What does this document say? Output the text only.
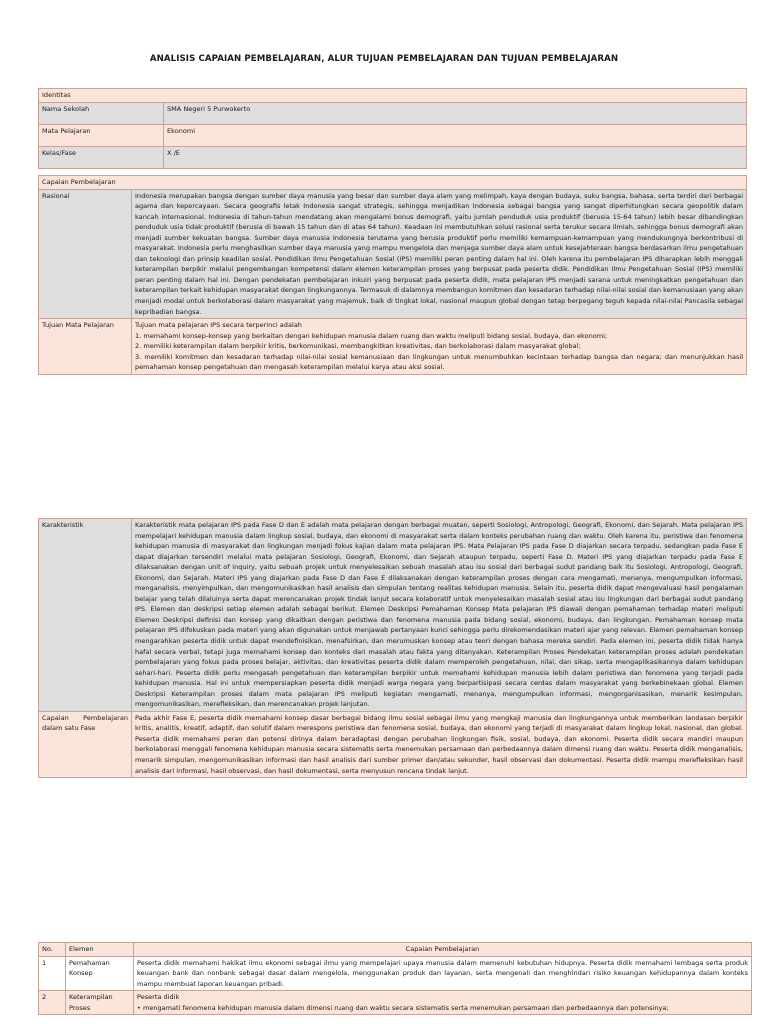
ANALISIS CAPAIAN PEMBELAJARAN, ALUR TUJUAN PEMBELAJARAN DAN TUJUAN PEMBELAJARAN
Identitas	
Nama Sekolah	SMA Negeri 5 Purwokerto
Mata Pelajaran	Ekonomi
Kelas/Fase	X /E
Capaian Pembelajaran	
Rasional	Indonesia merupakan bangsa dengan sumber daya manusia yang besar dan sumber daya alam yang melimpah, kaya dengan budaya, suku bangsa, bahasa, serta terdiri dari berbagai agama dan kepercayaan. Secara geografis letak Indonesia sangat strategis, sehingga menjadikan Indonesia sebagai bangsa yang sangat diperhitungkan secara geopolitik dalam kancah internasional. Indonesia di tahun-tahun mendatang akan mengalami bonus demografi, yaitu jumlah penduduk usia produktif (berusia 15-64 tahun) lebih besar dibandingkan penduduk usia tidak produktif (berusia di bawah 15 tahun dan di atas 64 tahun). Keadaan ini membutuhkan solusi rasional serta terukur secara ilmiah, sehingga bonus demografi akan menjadi sumber kekuatan bangsa. Sumber daya manusia Indonesia terutama yang berusia produktif perlu memiliki kemampuan-kemampuan yang mendukungnya berkontribusi di masyarakat. Indonesia perlu menghasilkan sumber daya manusia yang mampu mengelola dan menjaga sumber daya alam untuk kesejahteraan bangsa berdasarkan ilmu pengetahuan dan teknologi dan prinsip keadilan sosial. Pendidikan Ilmu Pengetahuan Sosial (IPS) memiliki peran penting dalam hal ini. Oleh karena itu pembelajaran IPS diharapkan lebih menggali keterampilan berpikir melalui pengembangan kompetensi dalam elemen keterampilan proses yang berpusat pada peserta didik. Pendidikan Ilmu Pengetahuan Sosial (IPS) memiliki peran penting dalam hal ini. Dengan pendekatan pembelajaran inkuiri yang berpusat pada peserta didik, mata pelajaran IPS menjadi sarana untuk meningkatkan pengetahuan dan keterampilan terkait kehidupan masyarakat dengan lingkungannya. Termasuk di dalamnya membangun komitmen dan kesadaran terhadap nilai-nilai sosial dan kemanusiaan yang akan menjadi modal untuk berkolaborasi dalam masyarakat yang majemuk, baik di tingkat lokal, nasional maupun global dengan tetap berpegang teguh kepada nilai-nilai Pancasila sebagai kepribadian bangsa.
Tujuan Mata Pelajaran	Tujuan mata pelajaran IPS secara terperinci adalah
1. memahami konsep-konsep yang berkaitan dengan kehidupan manusia dalam ruang dan waktu meliputi bidang sosial, budaya, dan ekonomi;
2. memiliki keterampilan dalam berpikir kritis, berkomunikasi, membangkitkan kreativitas, dan berkolaborasi dalam masyarakat global;
3. memiliki komitmen dan kesadaran terhadap nilai-nilai sosial kemanusiaan dan lingkungan untuk menumbuhkan kecintaan terhadap bangsa dan negara; dan menunjukkan hasil pemahaman konsep pengetahuan dan mengasah keterampilan melalui karya atau aksi sosial.
Karakteristik	Karakteristik mata pelajaran IPS pada Fase D dan E adalah mata pelajaran dengan berbagai muatan, seperti Sosiologi, Antropologi, Geografi, Ekonomi, dan Sejarah. Mata pelajaran IPS mempelajari kehidupan manusia dalam lingkup sosial, budaya, dan ekonomi di masyarakat serta dalam konteks perubahan ruang dan waktu. Oleh karena itu, peristiwa dan fenomena kehidupan manusia di masyarakat dan lingkungan menjadi fokus kajian dalam mata pelajaran IPS. Mata Pelajaran IPS pada Fase D diajarkan secara terpadu, sedangkan pada Fase E dapat diajarkan tersendiri melalui mata pelajaran Sosiologi, Geografi, Ekonomi, dan Sejarah ataupun terpadu, seperti Fase D. Materi IPS yang diajarkan terpadu pada Fase E dilaksanakan dengan unit of inquiry, yaitu sebuah projek untuk menyelesaikan sebuah masalah atau isu sosial dari berbagai sudut pandang baik itu Sosiologi, Antropologi, Geografi, Ekonomi, dan Sejarah. Materi IPS yang diajarkan pada Fase D dan Fase E dilaksanakan dengan keterampilan proses dengan cara mengamati, menanya, mengumpulkan informasi, menganalisis, menyimpulkan, dan mengomunikasikan hasil analisis dan simpulan tentang realitas kehidupan manusia. Selain itu, peserta didik dapat mengevaluasi hasil pengalaman belajar yang telah dilaluinya serta dapat merencanakan projek tindak lanjut secara kolaboratif untuk menyelesaikan masalah sosial atau isu lingkungan dari berbagai sudut pandang IPS. Elemen dan deskripsi setiap elemen adalah sebagai berikut. Elemen Deskripsi Pemahaman Konsep Mata pelajaran IPS diawali dengan pemahaman terhadap materi meliputi Elemen Deskripsi definisi dan konsep yang dikaitkan dengan peristiwa dan fenomena manusia pada bidang sosial, ekonomi, budaya, dan lingkungan. Pemahaman konsep mata pelajaran IPS difokuskan pada materi yang akan digunakan untuk menjawab pertanyaan kunci sehingga perlu direkomendasikan materi ajar yang relevan. Elemen pemahaman konsep mengarahkan peserta didik untuk dapat mendefinisikan, menafsirkan, dan merumuskan konsep atau teori dengan bahasa mereka sendiri. Pada elemen ini, peserta didik tidak hanya hafal secara verbal, tetapi juga memahami konsep dan konteks dari masalah atau fakta yang ditanyakan. Keterampilan Proses Pendekatan keterampilan proses adalah pendekatan pembelajaran yang fokus pada proses belajar, aktivitas, dan kreativitas peserta didik dalam memperoleh pengetahuan, nilai, dan sikap, serta mengaplikasikannya dalam kehidupan sehari-hari. Peserta didik perlu mengasah pengetahuan dan keterampilan berpikir untuk memahami kehidupan manusia lebih dalam peristiwa dan fenomena yang terjadi pada kehidupan manusia. Hal ini untuk mempersiapkan peserta didik menjadi warga negara yang berpartisipasi secara cerdas dalam masyarakat yang berkebinekaan global. Elemen Deskripsi Keterampilan proses dalam mata pelajaran IPS meliputi kegiatan mengamati, menanya, mengumpulkan informasi, mengorganisasikan, menarik kesimpulan, mengomunikasikan, merefleksikan, dan merencanakan projek lanjutan.
Capaian Pembelajaran dalam satu Fase	Pada akhir Fase E, peserta didik memahami konsep dasar berbagai bidang ilmu sosial sebagai ilmu yang mengkaji manusia dan lingkungannya untuk memberikan landasan berpikir kritis, analitis, kreatif, adaptif, dan solutif dalam merespons peristiwa dan fenomena sosial, budaya, dan ekonomi yang terjadi di masyarakat dalam lingkup lokal, nasional, dan global. Peserta didik memahami peran dan potensi dirinya dalam beradaptasi dengan perubahan lingkungan fisik, sosial, budaya, dan ekonomi. Peserta didik secara mandiri maupun berkolaborasi menggali fenomena kehidupan manusia secara sistematis serta menemukan persamaan dan perbedaannya dalam dimensi ruang dan waktu. Peserta didik menganalisis, menarik simpulan, mengomunikasikan informasi dan hasil analisis dari sumber primer dan/atau sekunder, hasil observasi dan dokumentasi. Peserta didik mampu merefleksikan hasil analisis dari informasi, hasil observasi, dan hasil dokumentasi, serta menyusun rencana tindak lanjut.
No.	Elemen	Capaian Pembelajaran
1	Pemahaman Konsep	Peserta didik memahami hakikat ilmu ekonomi sebagai ilmu yang mempelajari upaya manusia dalam memenuhi kebutuhan hidupnya. Peserta didik memahami lembaga serta produk keuangan bank dan nonbank sebagai dasar dalam mengelola, menggunakan produk dan layanan, serta mengenali dan menghindari risiko keuangan kehidupannya dalam konteks mampu membuat laporan keuangan pribadi.
2	Keterampilan Proses	Peserta didik
• mengamati fenomena kehidupan manusia dalam dimensi ruang dan waktu secara sistematis serta menemukan persamaan dan perbedaannya dan potensinya;
